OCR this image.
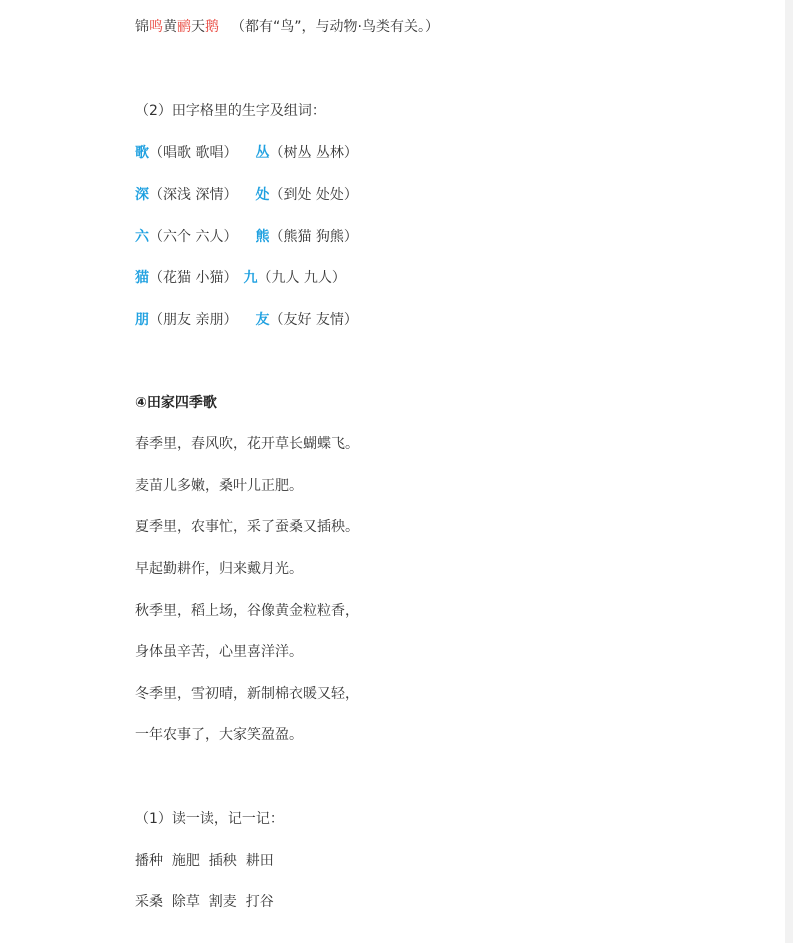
锦鸣黄鹂天鹅 （都有“鸟”，与动物·鸟类有关。）
（2）田字格里的生字及组词：
歌（唱歌 歌唱） 丛（树丛 丛林）
深（深浅 深情） 处（到处 处处）
六（六个 六人） 熊（熊猫 狗熊）
猫（花猫 小猫） 九（九人 九人）
朋（朋友 亲朋） 友（友好 友情）
④田家四季歌
春季里，春风吹，花开草长蝴蝶飞。
麦苗儿多嫩，桑叶儿正肥。
夏季里，农事忙，采了蚕桑又插秧。
早起勤耕作，归来戴月光。
秋季里，稻上场，谷像黄金粒粒香，
身体虽辛苦，心里喜洋洋。
冬季里，雪初晴，新制棉衣暖又轻，
一年农事了，大家笑盈盈。
（1）读一读，记一记：
播种  施肥  插秧  耕田
采桑  除草  割麦  打谷
